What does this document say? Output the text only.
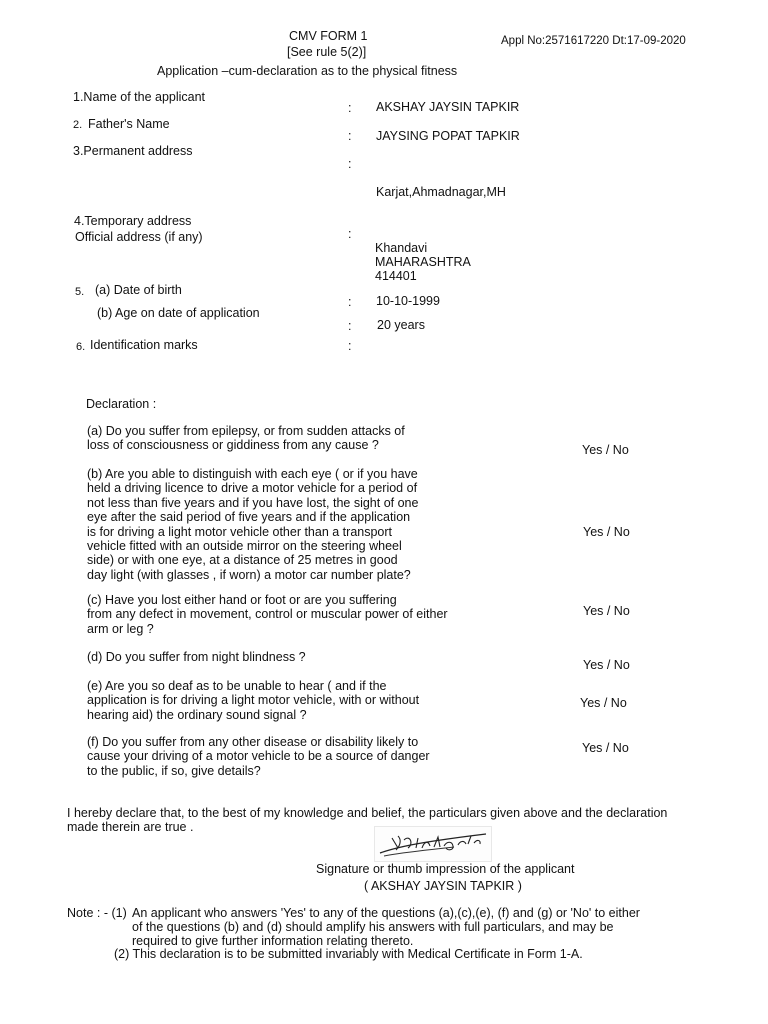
CMV FORM 1
[See rule 5(2)]
Application –cum-declaration as to the physical fitness
Appl No:2571617220 Dt:17-09-2020
1.Name of the applicant
: AKSHAY JAYSIN TAPKIR
2. Father's Name
: JAYSING POPAT TAPKIR
3.Permanent address
:
Karjat,Ahmadnagar,MH
4.Temporary address
Official address (if any)	:
Khandavi
MAHARASHTRA
414401
5. (a) Date of birth
: 10-10-1999
(b) Age on date of application
: 20 years
6. Identification marks	:
Declaration :
(a) Do you suffer from epilepsy, or from sudden attacks of
loss of consciousness or giddiness from any cause ?	Yes / No
(b) Are you able to distinguish with each eye ( or if you have
held a driving licence to drive a motor vehicle for a period of
not less than five years and if you have lost, the sight of one
eye after the said period of five years and if the application
is for driving a light motor vehicle other than a transport
vehicle fitted with an outside mirror on the steering wheel
side) or with one eye, at a distance of 25 metres in good
day light (with glasses , if worn) a motor car number plate?
Yes / No
(c) Have you lost either hand or foot or are you suffering
from any defect in movement, control or muscular power of either
arm or leg ?
Yes / No
(d) Do you suffer from night blindness ?
Yes / No
(e) Are you so deaf as to be unable to hear ( and if the
application is for driving a light motor vehicle, with or without
hearing aid) the ordinary sound signal ?
Yes / No
(f) Do you suffer from any other disease or disability likely to
cause your driving of a motor vehicle to be a source of danger
to the public, if so, give details?
Yes / No
I hereby declare that, to the best of my knowledge and belief, the particulars given above and the declaration
made therein are true .
Signature or thumb impression of the applicant
( AKSHAY JAYSIN TAPKIR )
Note : - (1) An applicant who answers 'Yes' to any of the questions (a),(c),(e), (f) and (g) or 'No' to either
of the questions (b) and (d) should amplify his answers with full particulars, and may be
required to give further information relating thereto.
(2) This declaration is to be submitted invariably with Medical Certificate in Form 1-A.
